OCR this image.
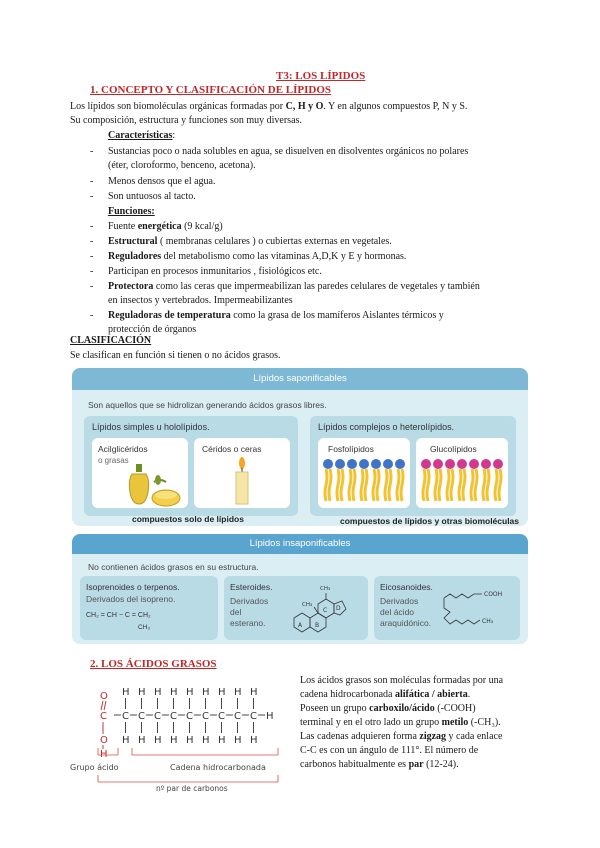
T3: LOS LÍPIDOS
1. CONCEPTO Y CLASIFICACIÓN DE LÍPIDOS
Los lípidos son biomoléculas orgánicas formadas por C, H y O. Y en algunos compuestos P, N y S.
Su composición, estructura y funciones son muy diversas.
Características:
- Sustancias poco o nada solubles en agua, se disuelven en disolventes orgánicos no polares
(éter, cloroformo, benceno, acetona).
- Menos densos que el agua.
- Son untuosos al tacto.
Funciones:
- Fuente energética (9 kcal/g)
- Estructural ( membranas celulares ) o cubiertas externas en vegetales.
- Reguladores del metabolismo como las vitaminas A,D,K y E y hormonas.
- Participan en procesos inmunitarios , fisiológicos etc.
- Protectora como las ceras que impermeabilizan las paredes celulares de vegetales y también
en insectos y vertebrados. Impermeabilizantes
- Reguladoras de temperatura como la grasa de los mamíferos Aislantes térmicos y
protección de órganos
CLASIFICACIÓN
Se clasifican en función si tienen o no ácidos grasos.
Lípidos saponificables
Son aquellos que se hidrolizan generando ácidos grasos libres.
Lípidos simples u hololípidos.
Acilglicéridos
o grasas
Céridos o ceras
compuestos solo de lípidos
Lípidos complejos o heterolípidos.
Fosfolípidos	Glucolípidos
compuestos de lípidos y otras biomoléculas
Lípidos insaponificables
No contienen ácidos grasos en su estructura.
Isoprenoides o terpenos.
Derivados del isopreno.
CH₂ = CH − C = CH₂
CH₃
Esteroides.
Derivados
del
esterano.	A B
C D
CH₃
CH₃
Eicosanoides.
Derivados
del ácido
araquidónico.
COOH
CH₃
2. LOS ÁCIDOS GRASOS
O
O
C
H
C
H
H
C
H
H
C
H
H
C
H
H
C
H
H
C
H
H
C
H
H
C
H
H
C
H
H
H
Grupo ácido	Cadena hidrocarbonada
nº par de carbonos
Los ácidos grasos son moléculas formadas por una
cadena hidrocarbonada alifática / abierta.
Poseen un grupo carboxilo/ácido (-COOH)
terminal y en el otro lado un grupo metilo (-CH₃).
Las cadenas adquieren forma zigzag y cada enlace
C-C es con un ángulo de 111°. El número de
carbonos habitualmente es par (12-24).
